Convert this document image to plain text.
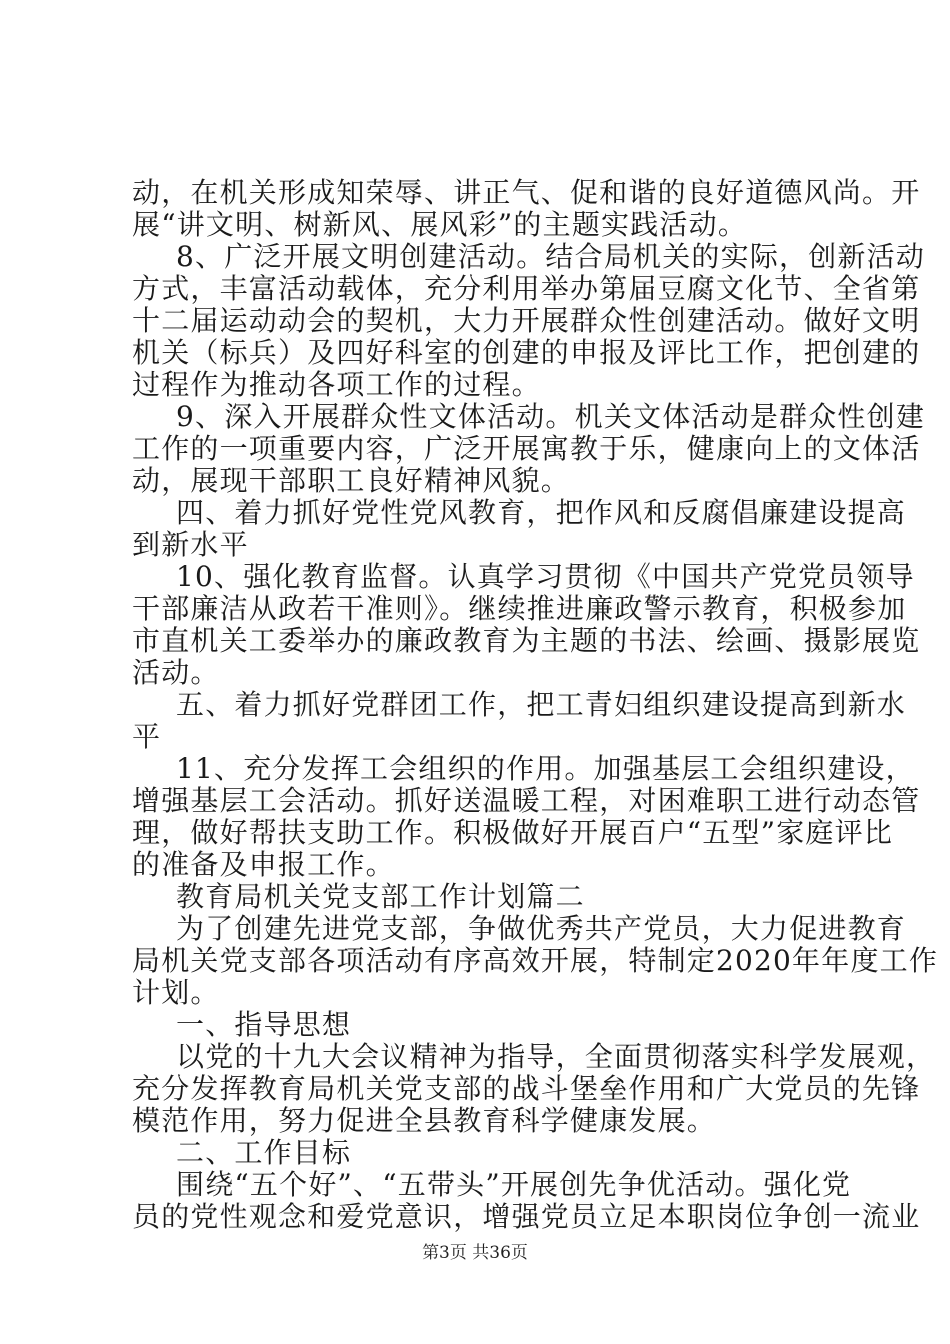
动，在机关形成知荣辱、讲正气、促和谐的良好道德风尚。开
展“讲文明、树新风、展风彩”的主题实践活动。
8、广泛开展文明创建活动。结合局机关的实际，创新活动
方式，丰富活动载体，充分利用举办第届豆腐文化节、全省第
十二届运动动会的契机，大力开展群众性创建活动。做好文明
机关（标兵）及四好科室的创建的申报及评比工作，把创建的
过程作为推动各项工作的过程。
9、深入开展群众性文体活动。机关文体活动是群众性创建
工作的一项重要内容，广泛开展寓教于乐，健康向上的文体活
动，展现干部职工良好精神风貌。
四、着力抓好党性党风教育，把作风和反腐倡廉建设提高
到新水平
10、强化教育监督。认真学习贯彻《中国共产党党员领导
干部廉洁从政若干准则》。继续推进廉政警示教育，积极参加
市直机关工委举办的廉政教育为主题的书法、绘画、摄影展览
活动。
五、着力抓好党群团工作，把工青妇组织建设提高到新水
平
11、充分发挥工会组织的作用。加强基层工会组织建设，
增强基层工会活动。抓好送温暖工程，对困难职工进行动态管
理，做好帮扶支助工作。积极做好开展百户“五型”家庭评比
的准备及申报工作。
教育局机关党支部工作计划篇二
为了创建先进党支部，争做优秀共产党员，大力促进教育
局机关党支部各项活动有序高效开展，特制定2020年年度工作
计划。
一、指导思想
以党的十九大会议精神为指导，全面贯彻落实科学发展观，
充分发挥教育局机关党支部的战斗堡垒作用和广大党员的先锋
模范作用，努力促进全县教育科学健康发展。
二、工作目标
围绕“五个好”、“五带头”开展创先争优活动。强化党
员的党性观念和爱党意识，增强党员立足本职岗位争创一流业
第3页 共36页
